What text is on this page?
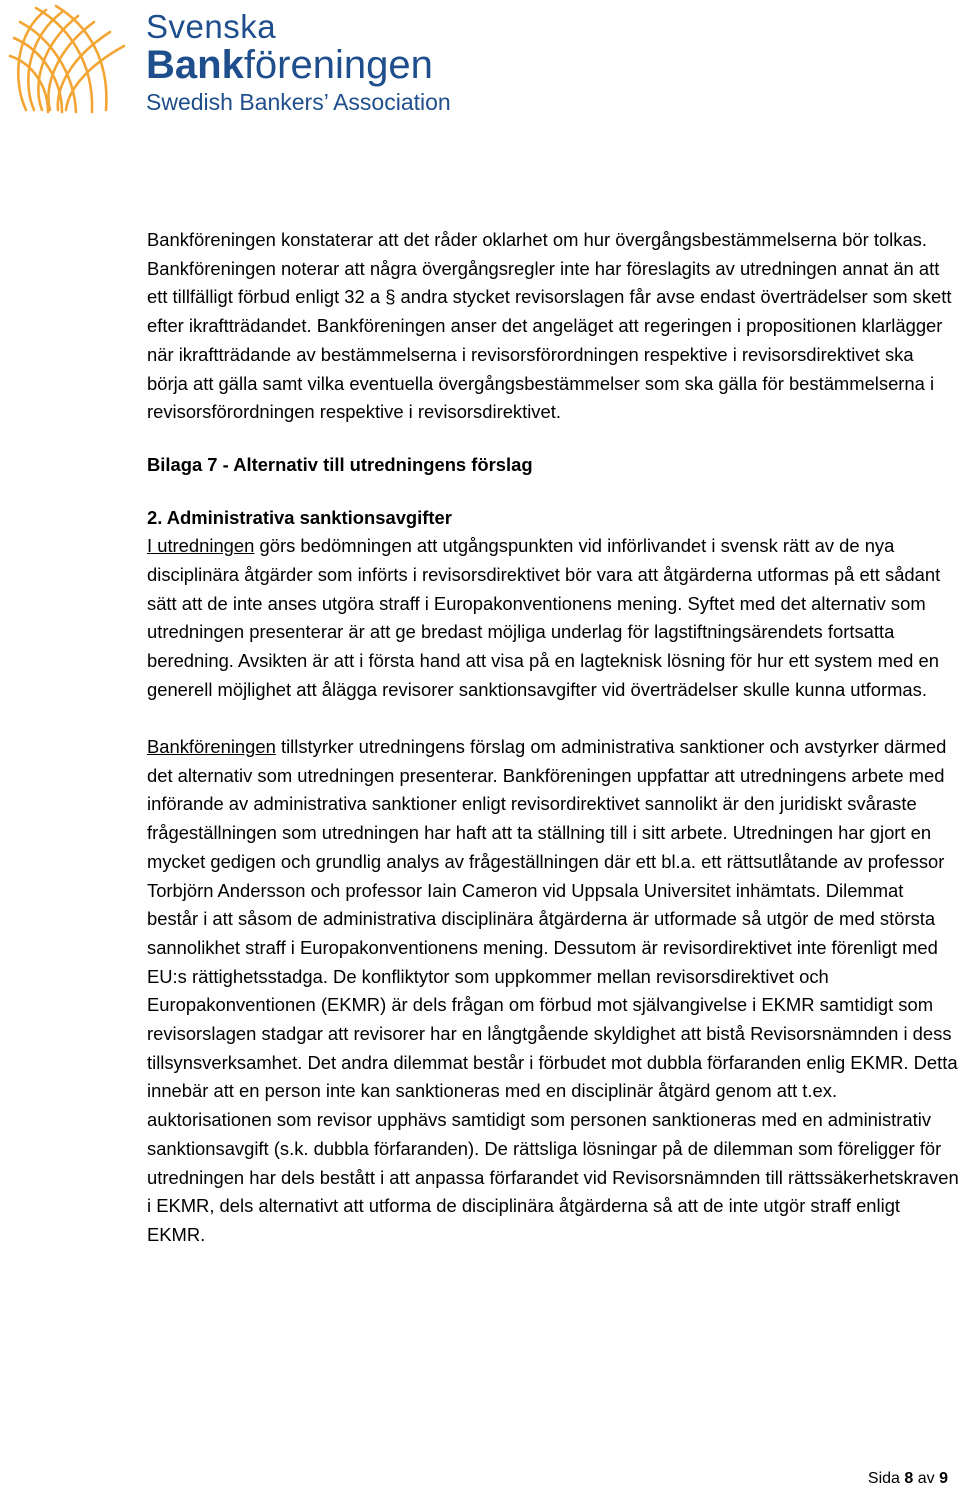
Svenska
Bankföreningen
Swedish Bankers’ Association

Bankföreningen konstaterar att det råder oklarhet om hur övergångsbestämmelserna bör tolkas. Bankföreningen noterar att några övergångsregler inte har föreslagits av utredningen annat än att ett tillfälligt förbud enligt 32 a § andra stycket revisorslagen får avse endast överträdelser som skett efter ikraftträdandet. Bankföreningen anser det angeläget att regeringen i propositionen klarlägger när ikraftträdande av bestämmelserna i revisorsförordningen respektive i revisorsdirektivet ska börja att gälla samt vilka eventuella övergångsbestämmelser som ska gälla för bestämmelserna i revisorsförordningen respektive i revisorsdirektivet.

Bilaga 7 - Alternativ till utredningens förslag

2. Administrativa sanktionsavgifter

I utredningen görs bedömningen att utgångspunkten vid införlivandet i svensk rätt av de nya disciplinära åtgärder som införts i revisorsdirektivet bör vara att åtgärderna utformas på ett sådant sätt att de inte anses utgöra straff i Europakonventionens mening. Syftet med det alternativ som utredningen presenterar är att ge bredast möjliga underlag för lagstiftningsärendets fortsatta beredning. Avsikten är att i första hand att visa på en lagteknisk lösning för hur ett system med en generell möjlighet att ålägga revisorer sanktionsavgifter vid överträdelser skulle kunna utformas.

Bankföreningen tillstyrker utredningens förslag om administrativa sanktioner och avstyrker därmed det alternativ som utredningen presenterar. Bankföreningen uppfattar att utredningens arbete med införande av administrativa sanktioner enligt revisordirektivet sannolikt är den juridiskt svåraste frågeställningen som utredningen har haft att ta ställning till i sitt arbete. Utredningen har gjort en mycket gedigen och grundlig analys av frågeställningen där ett bl.a. ett rättsutlåtande av professor Torbjörn Andersson och professor Iain Cameron vid Uppsala Universitet inhämtats. Dilemmat består i att såsom de administrativa disciplinära åtgärderna är utformade så utgör de med största sannolikhet straff i Europakonventionens mening. Dessutom är revisordirektivet inte förenligt med EU:s rättighetsstadga. De konfliktytor som uppkommer mellan revisorsdirektivet och Europakonventionen (EKMR) är dels frågan om förbud mot självangivelse i EKMR samtidigt som revisorslagen stadgar att revisorer har en långtgående skyldighet att bistå Revisorsnämnden i dess tillsynsverksamhet. Det andra dilemmat består i förbudet mot dubbla förfaranden enlig EKMR. Detta innebär att en person inte kan sanktioneras med en disciplinär åtgärd genom att t.ex. auktorisationen som revisor upphävs samtidigt som personen sanktioneras med en administrativ sanktionsavgift (s.k. dubbla förfaranden). De rättsliga lösningar på de dilemman som föreligger för utredningen har dels bestått i att anpassa förfarandet vid Revisorsnämnden till rättssäkerhetskraven i EKMR, dels alternativt att utforma de disciplinära åtgärderna så att de inte utgör straff enligt EKMR.

Sida 8 av 9
